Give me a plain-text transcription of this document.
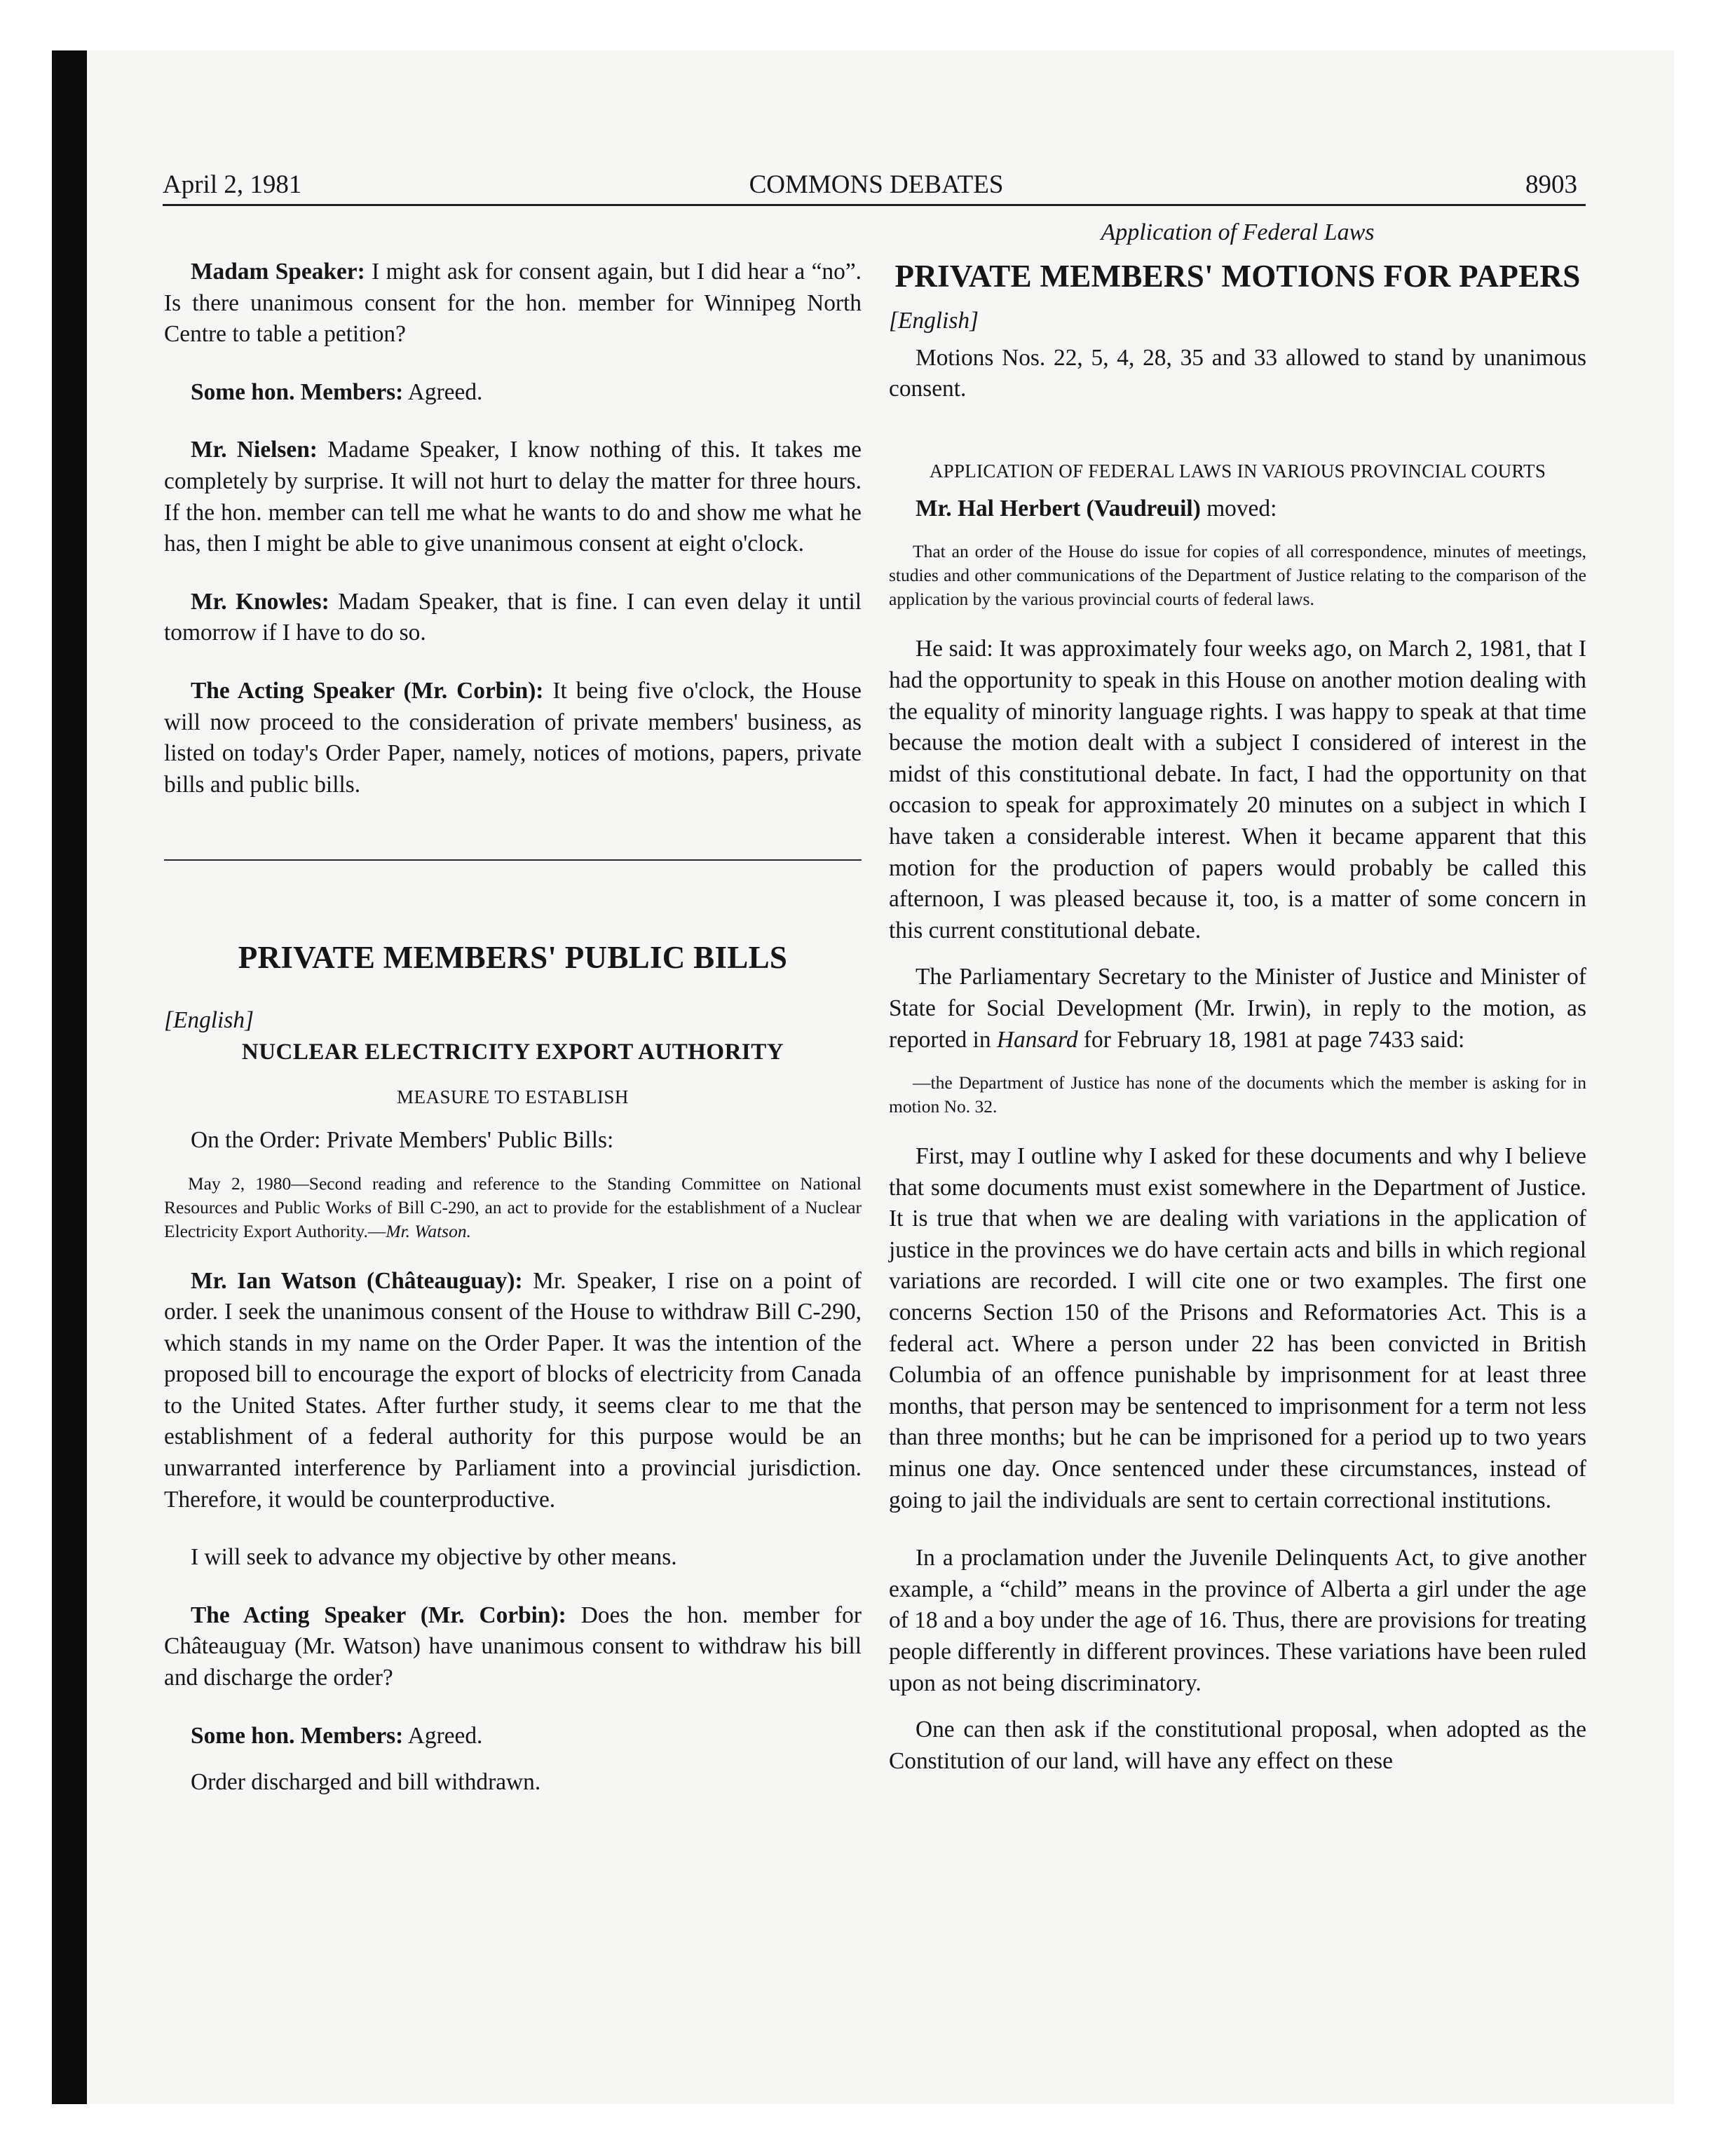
April 2, 1981	COMMONS DEBATES	8903

Madam Speaker: I might ask for consent again, but I did hear a “no”. Is there unanimous consent for the hon. member for Winnipeg North Centre to table a petition?

Some hon. Members: Agreed.

Mr. Nielsen: Madame Speaker, I know nothing of this. It takes me completely by surprise. It will not hurt to delay the matter for three hours. If the hon. member can tell me what he wants to do and show me what he has, then I might be able to give unanimous consent at eight o'clock.

Mr. Knowles: Madam Speaker, that is fine. I can even delay it until tomorrow if I have to do so.

The Acting Speaker (Mr. Corbin): It being five o'clock, the House will now proceed to the consideration of private members' business, as listed on today's Order Paper, namely, notices of motions, papers, private bills and public bills.

PRIVATE MEMBERS' PUBLIC BILLS
[English]
NUCLEAR ELECTRICITY EXPORT AUTHORITY
MEASURE TO ESTABLISH

On the Order: Private Members' Public Bills:

May 2, 1980—Second reading and reference to the Standing Committee on National Resources and Public Works of Bill C-290, an act to provide for the establishment of a Nuclear Electricity Export Authority.—Mr. Watson.

Mr. Ian Watson (Châteauguay): Mr. Speaker, I rise on a point of order. I seek the unanimous consent of the House to withdraw Bill C-290, which stands in my name on the Order Paper. It was the intention of the proposed bill to encourage the export of blocks of electricity from Canada to the United States. After further study, it seems clear to me that the establishment of a federal authority for this purpose would be an unwarranted interference by Parliament into a provincial jurisdiction. Therefore, it would be counterproductive.

I will seek to advance my objective by other means.

The Acting Speaker (Mr. Corbin): Does the hon. member for Châteauguay (Mr. Watson) have unanimous consent to withdraw his bill and discharge the order?

Some hon. Members: Agreed.

Order discharged and bill withdrawn.

Application of Federal Laws
PRIVATE MEMBERS' MOTIONS FOR PAPERS
[English]

Motions Nos. 22, 5, 4, 28, 35 and 33 allowed to stand by unanimous consent.

APPLICATION OF FEDERAL LAWS IN VARIOUS PROVINCIAL COURTS

Mr. Hal Herbert (Vaudreuil) moved:

That an order of the House do issue for copies of all correspondence, minutes of meetings, studies and other communications of the Department of Justice relating to the comparison of the application by the various provincial courts of federal laws.

He said: It was approximately four weeks ago, on March 2, 1981, that I had the opportunity to speak in this House on another motion dealing with the equality of minority language rights. I was happy to speak at that time because the motion dealt with a subject I considered of interest in the midst of this constitutional debate. In fact, I had the opportunity on that occasion to speak for approximately 20 minutes on a subject in which I have taken a considerable interest. When it became apparent that this motion for the production of papers would probably be called this afternoon, I was pleased because it, too, is a matter of some concern in this current constitutional debate.

The Parliamentary Secretary to the Minister of Justice and Minister of State for Social Development (Mr. Irwin), in reply to the motion, as reported in Hansard for February 18, 1981 at page 7433 said:

—the Department of Justice has none of the documents which the member is asking for in motion No. 32.

First, may I outline why I asked for these documents and why I believe that some documents must exist somewhere in the Department of Justice. It is true that when we are dealing with variations in the application of justice in the provinces we do have certain acts and bills in which regional variations are recorded. I will cite one or two examples. The first one concerns Section 150 of the Prisons and Reformatories Act. This is a federal act. Where a person under 22 has been convicted in British Columbia of an offence punishable by imprisonment for at least three months, that person may be sentenced to imprisonment for a term not less than three months; but he can be imprisoned for a period up to two years minus one day. Once sentenced under these circumstances, instead of going to jail the individuals are sent to certain correctional institutions.

In a proclamation under the Juvenile Delinquents Act, to give another example, a “child” means in the province of Alberta a girl under the age of 18 and a boy under the age of 16. Thus, there are provisions for treating people differently in different provinces. These variations have been ruled upon as not being discriminatory.

One can then ask if the constitutional proposal, when adopted as the Constitution of our land, will have any effect on these
